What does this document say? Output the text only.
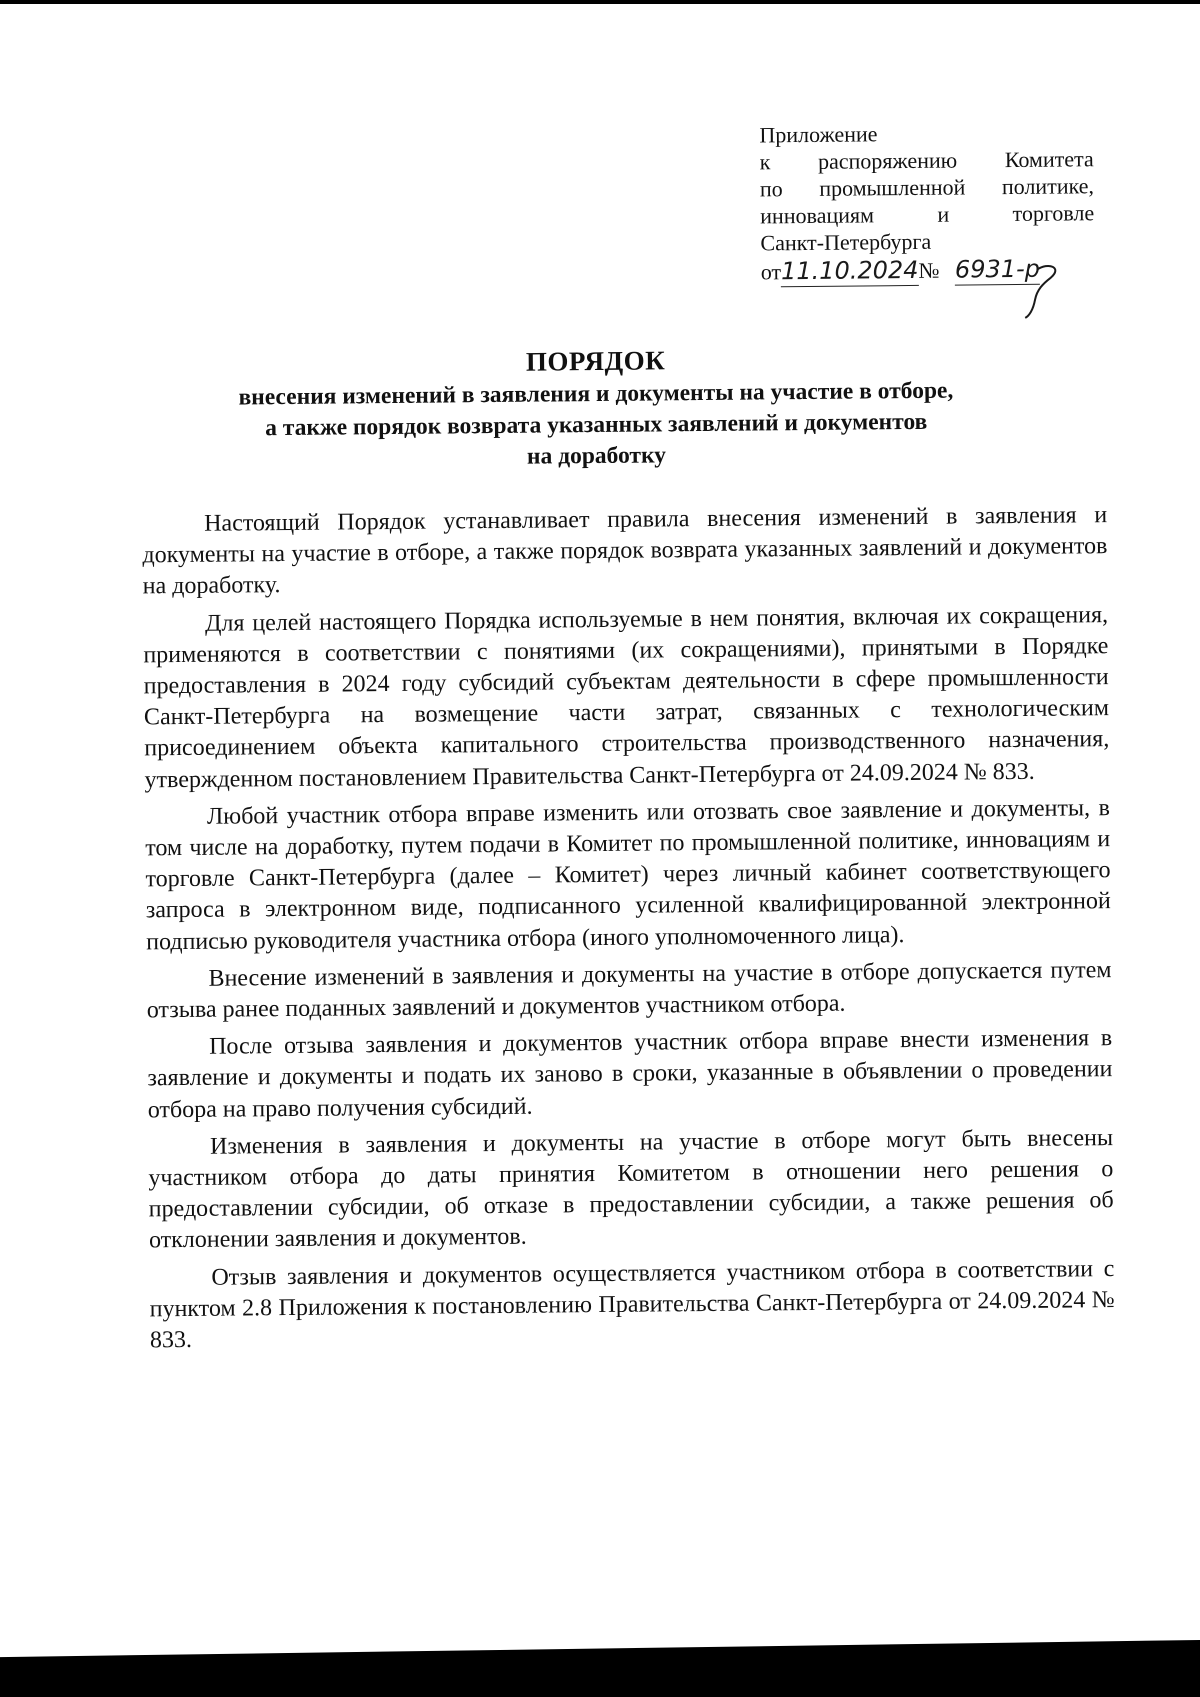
Приложение
к распоряжению Комитета
по промышленной политике,
инновациям и торговле
Санкт-Петербурга
от11.10.2024№ 6931-р
ПОРЯДОК
внесения изменений в заявления и документы на участие в отборе,
а также порядок возврата указанных заявлений и документов
на доработку

Настоящий Порядок устанавливает правила внесения изменений в заявления и документы на участие в отборе, а также порядок возврата указанных заявлений и документов на доработку.

Для целей настоящего Порядка используемые в нем понятия, включая их сокращения, применяются в соответствии с понятиями (их сокращениями), принятыми в Порядке предоставления в 2024 году субсидий субъектам деятельности в сфере промышленности Санкт-Петербурга на возмещение части затрат, связанных с технологическим присоединением объекта капитального строительства производственного назначения, утвержденном постановлением Правительства Санкт-Петербурга от 24.09.2024 № 833.

Любой участник отбора вправе изменить или отозвать свое заявление и документы, в том числе на доработку, путем подачи в Комитет по промышленной политике, инновациям и торговле Санкт-Петербурга (далее – Комитет) через личный кабинет соответствующего запроса в электронном виде, подписанного усиленной квалифицированной электронной подписью руководителя участника отбора (иного уполномоченного лица).

Внесение изменений в заявления и документы на участие в отборе допускается путем отзыва ранее поданных заявлений и документов участником отбора.

После отзыва заявления и документов участник отбора вправе внести изменения в заявление и документы и подать их заново в сроки, указанные в объявлении о проведении отбора на право получения субсидий.

Изменения в заявления и документы на участие в отборе могут быть внесены участником отбора до даты принятия Комитетом в отношении него решения о предоставлении субсидии, об отказе в предоставлении субсидии, а также решения об отклонении заявления и документов.

Отзыв заявления и документов осуществляется участником отбора в соответствии с пунктом 2.8 Приложения к постановлению Правительства Санкт-Петербурга от 24.09.2024 № 833.
